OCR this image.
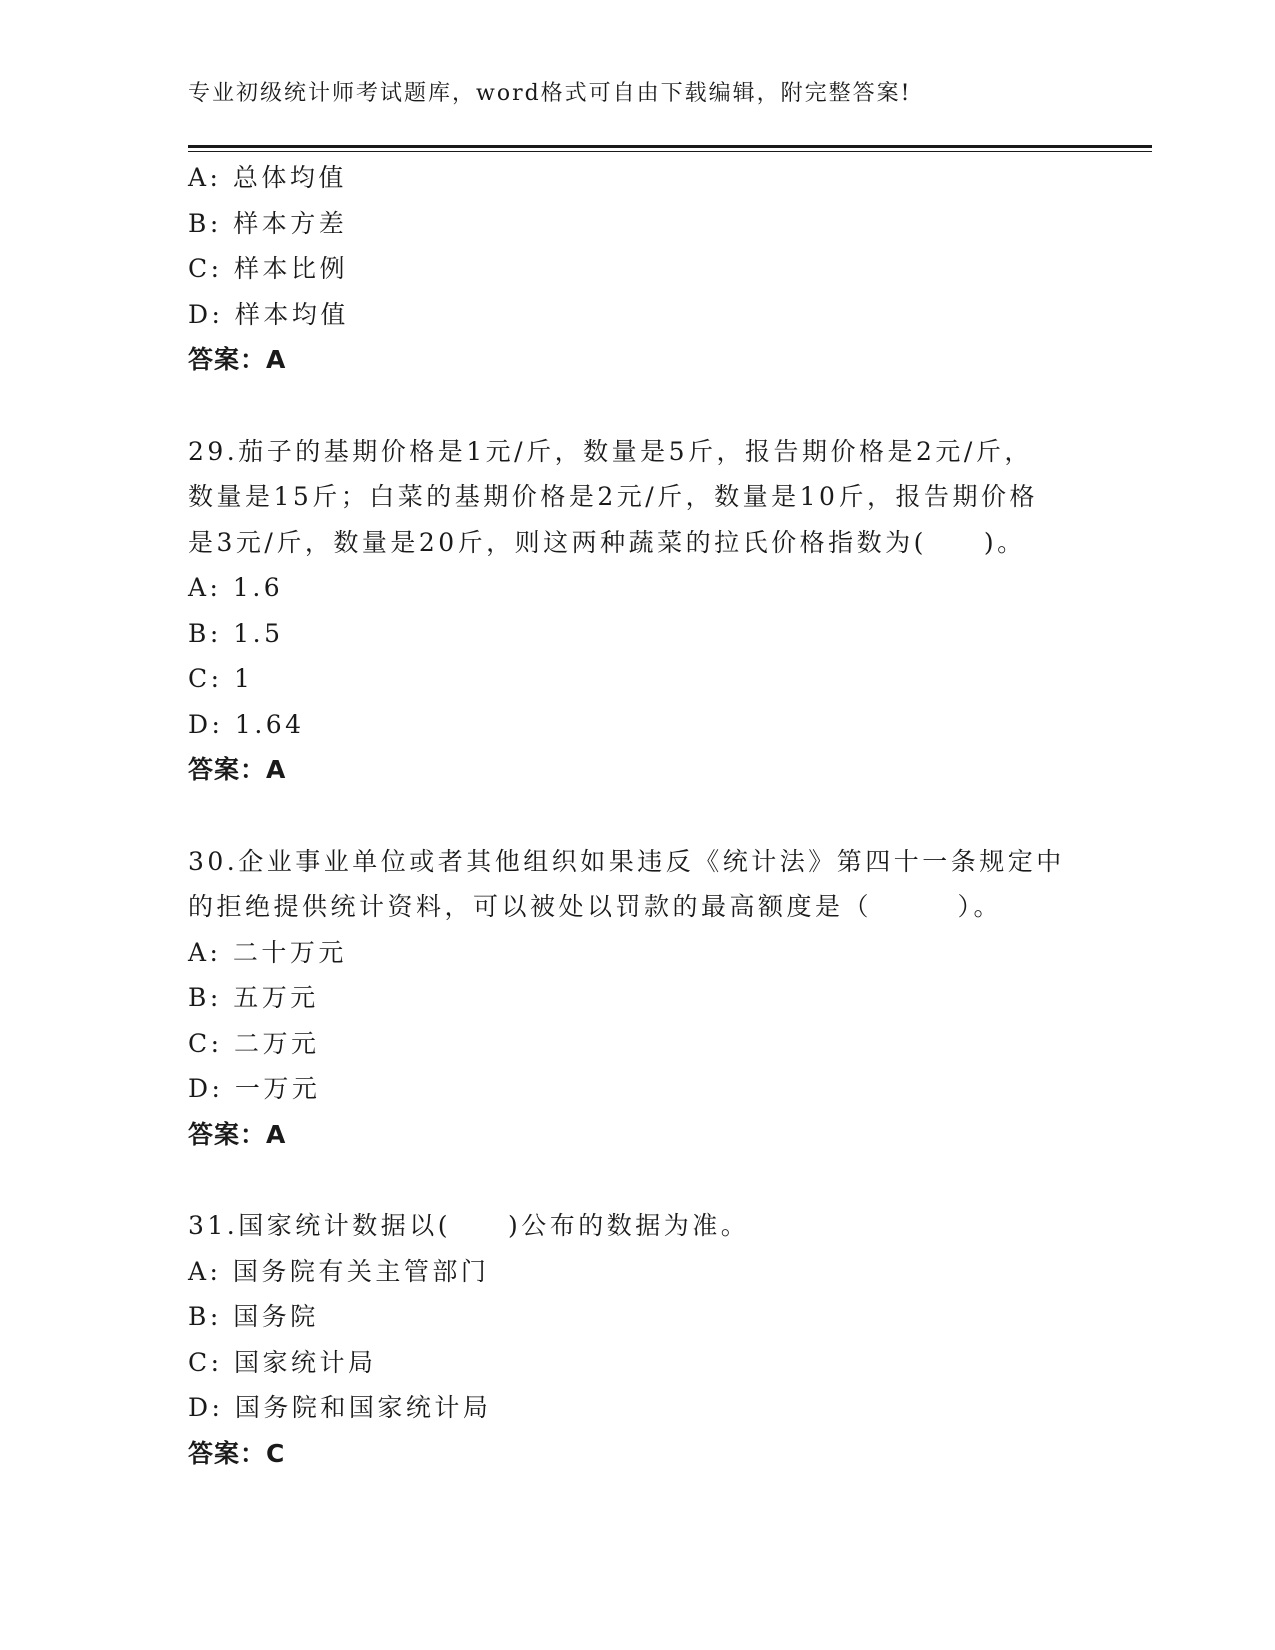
专业初级统计师考试题库，word格式可自由下载编辑，附完整答案!
A: 总体均值
B: 样本方差
C: 样本比例
D: 样本均值
答案：A
29.茄子的基期价格是1元/斤，数量是5斤，报告期价格是2元/斤，
数量是15斤；白菜的基期价格是2元/斤，数量是10斤，报告期价格
是3元/斤，数量是20斤，则这两种蔬菜的拉氏价格指数为(　　)。
A: 1.6
B: 1.5
C: 1
D: 1.64
答案：A
30.企业事业单位或者其他组织如果违反《统计法》第四十一条规定中
的拒绝提供统计资料，可以被处以罚款的最高额度是（　　　）。
A: 二十万元
B: 五万元
C: 二万元
D: 一万元
答案：A
31.国家统计数据以(　　)公布的数据为准。
A: 国务院有关主管部门
B: 国务院
C: 国家统计局
D: 国务院和国家统计局
答案：C
